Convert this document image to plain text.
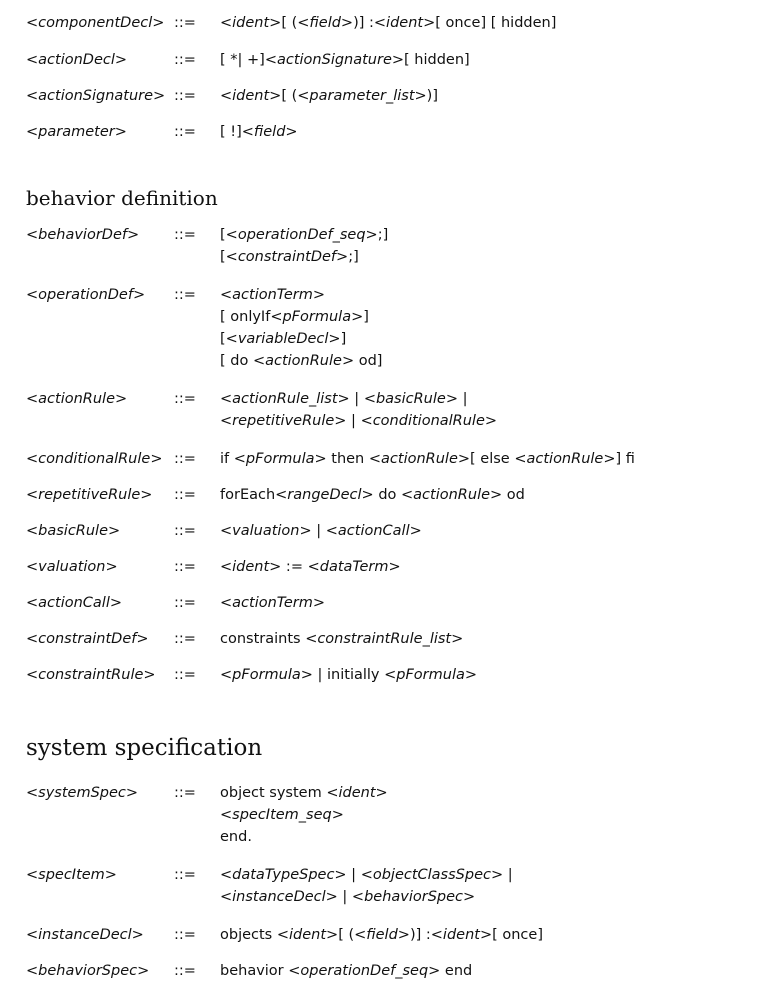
behavior definition
system specification
<componentDecl> ::= <ident>[ (<field>)] :<ident>[ once] [ hidden]
<actionDecl>	::= [ *| +]<actionSignature>[ hidden]
<actionSignature> ::= <ident>[ (<parameter_list>)]
<parameter>	::= [ !]<field>
<behaviorDef> ::= [<operationDef_seq>;]
[<constraintDef>;]
<operationDef> ::= <actionTerm>
[ onlyIf<pFormula>]
[<variableDecl>]
[ do <actionRule> od]
<actionRule>	::= <actionRule_list> | <basicRule> |
<repetitiveRule> | <conditionalRule>
<conditionalRule> ::= if <pFormula> then <actionRule>[ else <actionRule>] fi
<repetitiveRule> ::= forEach<rangeDecl> do <actionRule> od
<basicRule>	::= <valuation> | <actionCall>
<valuation>	::= <ident> := <dataTerm>
<actionCall>	::= <actionTerm>
<constraintDef> ::= constraints <constraintRule_list>
<constraintRule> ::= <pFormula> | initially <pFormula>
<systemSpec> ::= object system <ident>
<specItem_seq>
end.
<specItem>	::= <dataTypeSpec> | <objectClassSpec> |
<instanceDecl> | <behaviorSpec>
<instanceDecl> ::= objects <ident>[ (<field>)] :<ident>[ once]
<behaviorSpec> ::= behavior <operationDef_seq> end
